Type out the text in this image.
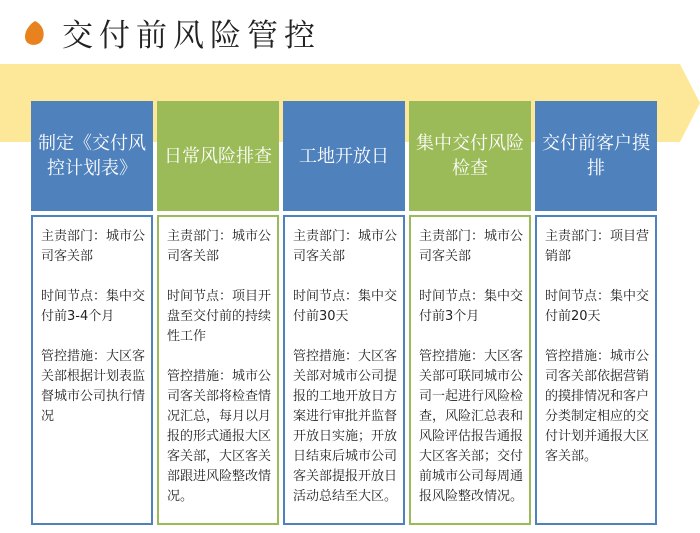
交付前风险管控
制定《交付风控计划表》

主责部门：城市公司客关部

时间节点：集中交付前3-4个月

管控措施：大区客关部根据计划表监督城市公司执行情况

日常风险排查

主责部门：城市公司客关部

时间节点：项目开盘至交付前的持续性工作

管控措施：城市公司客关部将检查情况汇总，每月以月报的形式通报大区客关部，大区客关部跟进风险整改情况。

工地开放日

主责部门：城市公司客关部

时间节点：集中交付前30天

管控措施：大区客关部对城市公司提报的工地开放日方案进行审批并监督开放日实施；开放日结束后城市公司客关部提报开放日活动总结至大区。

集中交付风险检查

主责部门：城市公司客关部

时间节点：集中交付前3个月

管控措施：大区客关部可联同城市公司一起进行风险检查，风险汇总表和风险评估报告通报大区客关部；交付前城市公司每周通报风险整改情况。

交付前客户摸排

主责部门：项目营销部

时间节点：集中交付前20天

管控措施：城市公司客关部依据营销的摸排情况和客户分类制定相应的交付计划并通报大区客关部。
